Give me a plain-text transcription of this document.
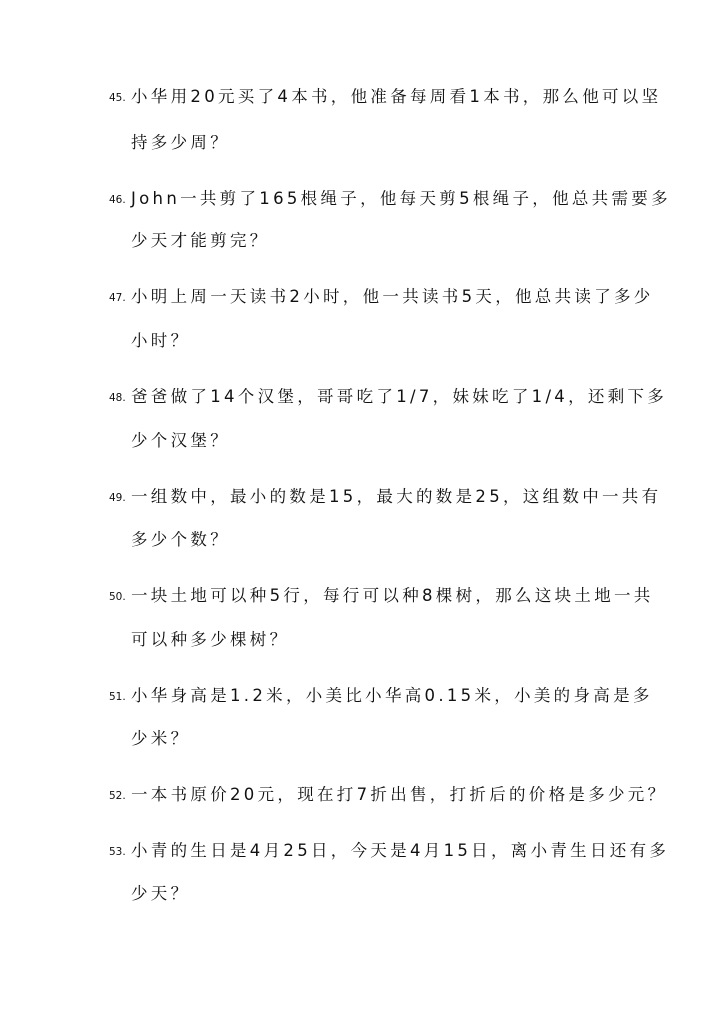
45. 小华用20元买了4本书，他准备每周看1本书，那么他可以坚
持多少周？
46. John一共剪了165根绳子，他每天剪5根绳子，他总共需要多
少天才能剪完？
47. 小明上周一天读书2小时，他一共读书5天，他总共读了多少
小时？
48. 爸爸做了14个汉堡，哥哥吃了1/7，妹妹吃了1/4，还剩下多
少个汉堡？
49. 一组数中，最小的数是15，最大的数是25，这组数中一共有
多少个数？
50. 一块土地可以种5行，每行可以种8棵树，那么这块土地一共
可以种多少棵树？
51. 小华身高是1.2米，小美比小华高0.15米，小美的身高是多
少米？
52. 一本书原价20元，现在打7折出售，打折后的价格是多少元？
53. 小青的生日是4月25日，今天是4月15日，离小青生日还有多
少天？
